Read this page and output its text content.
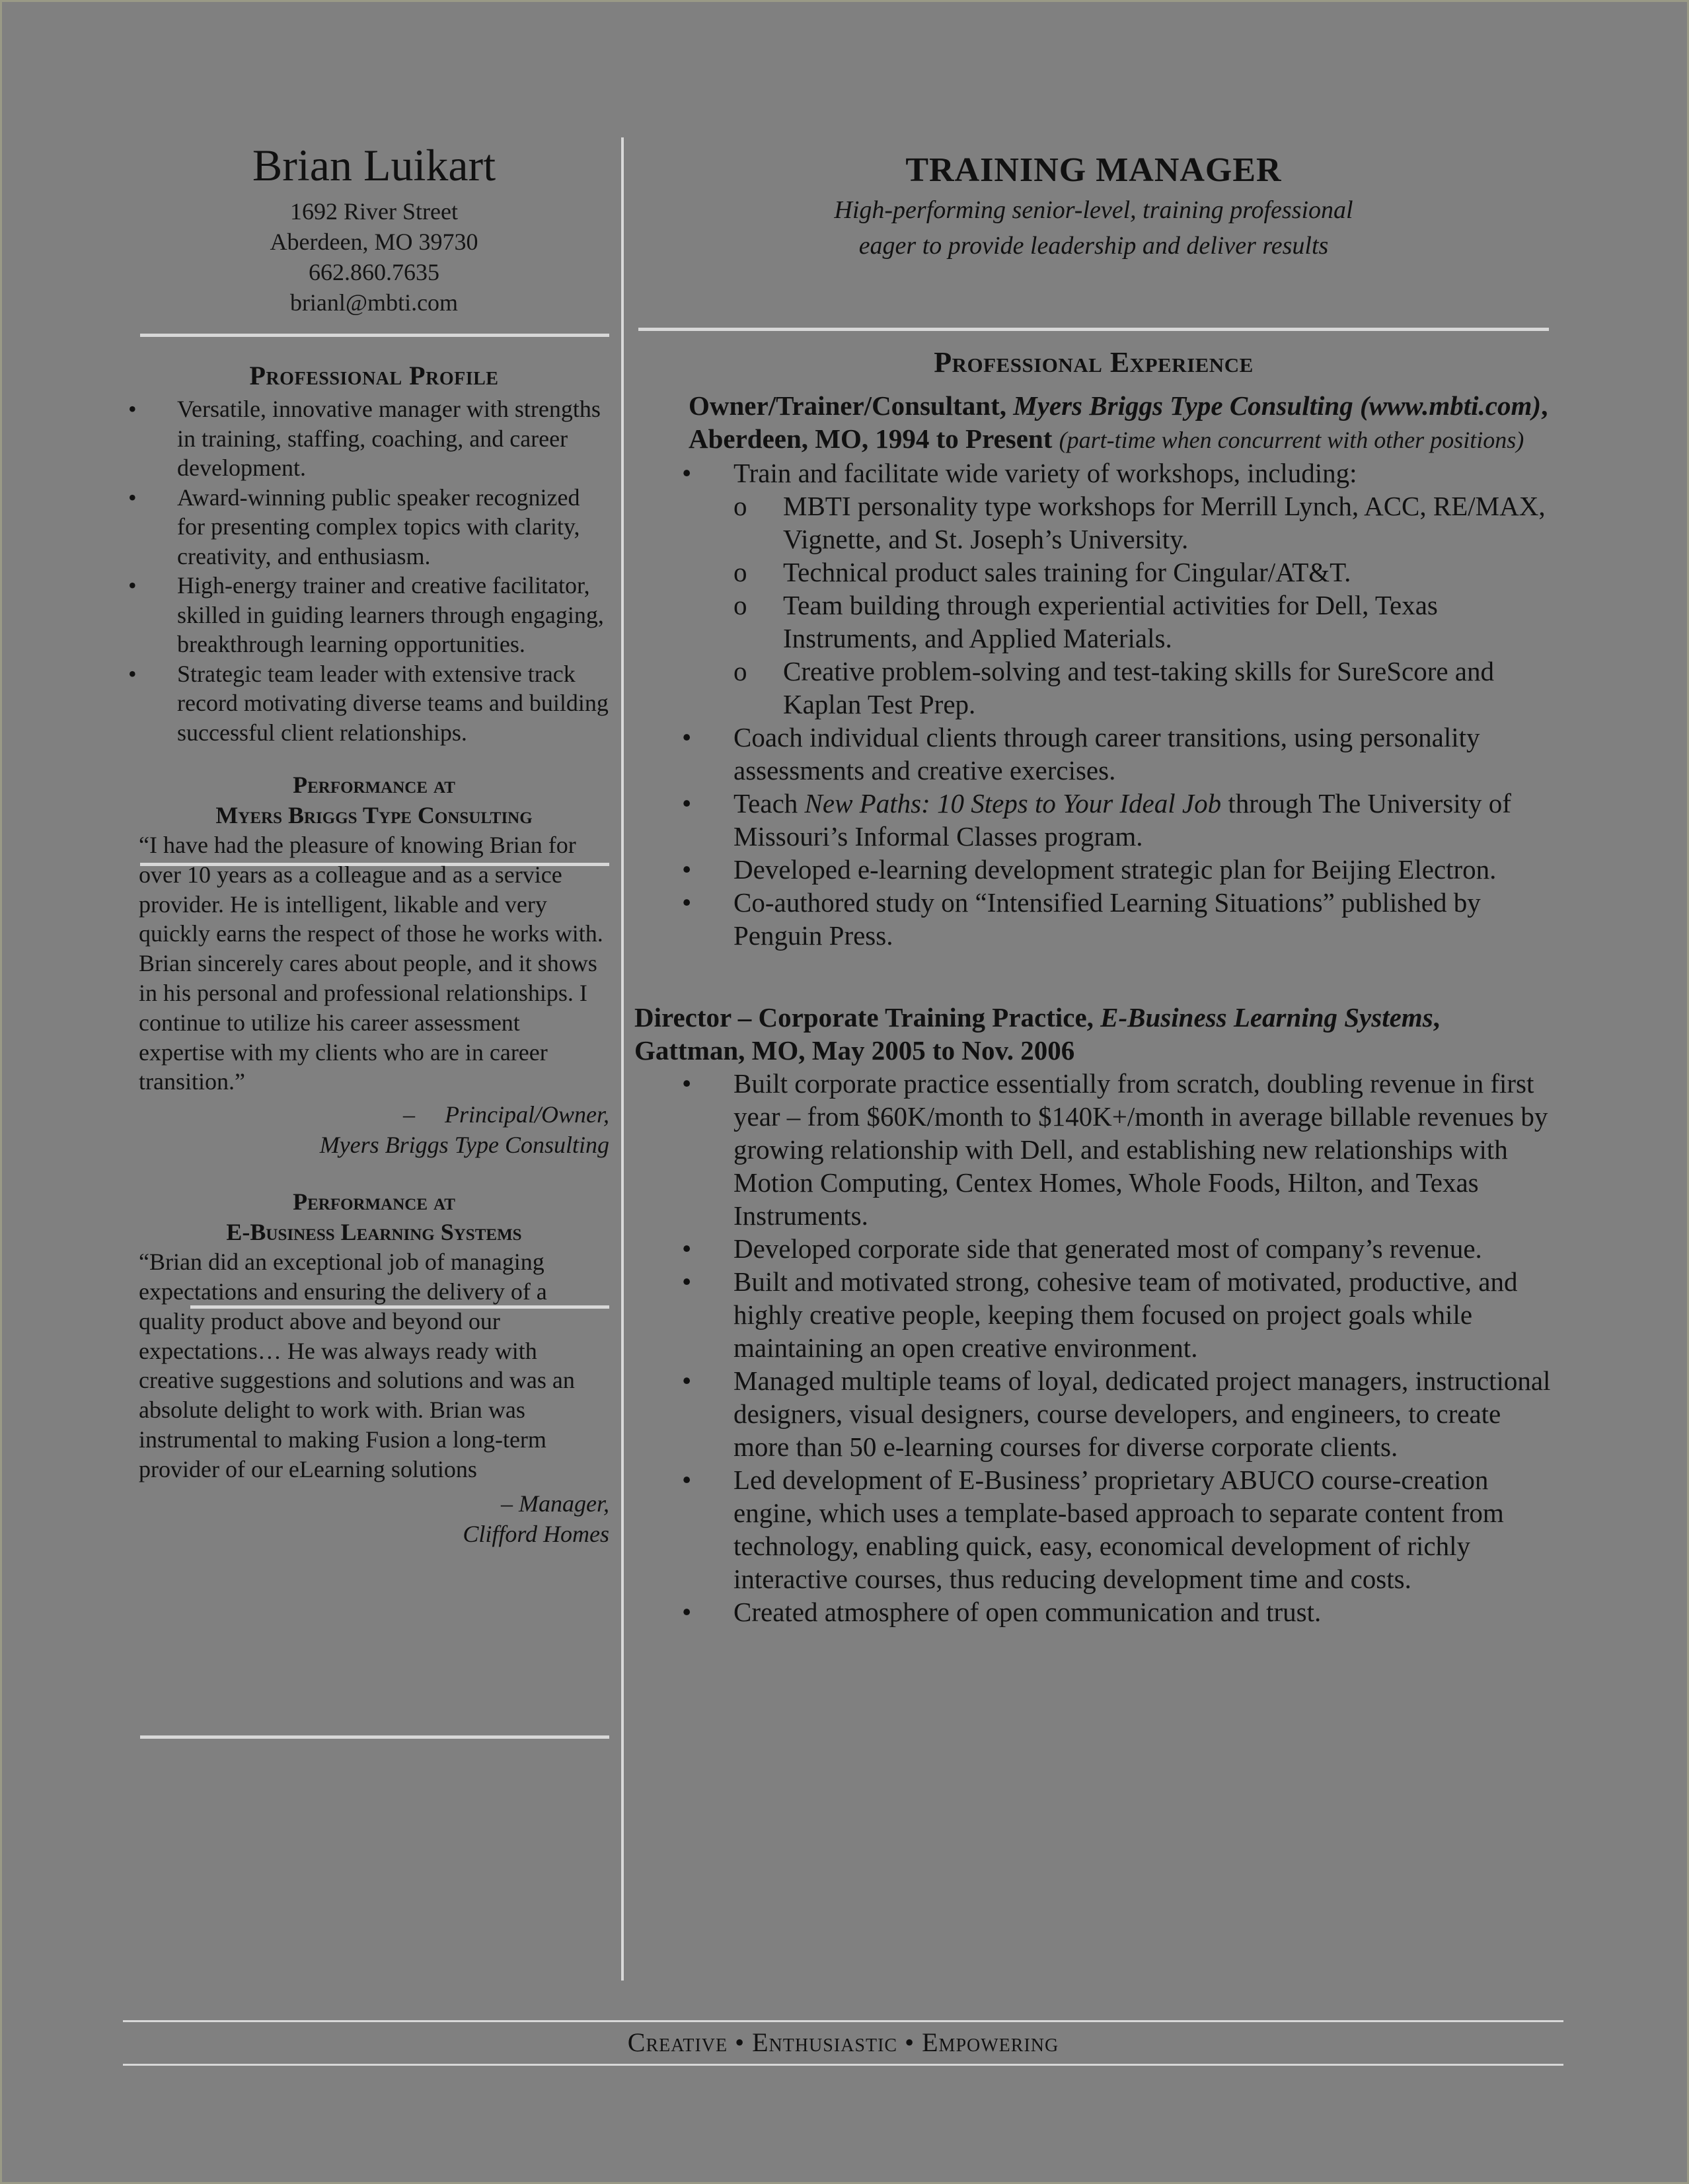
Brian Luikart
1692 River Street
Aberdeen, MO 39730
662.860.7635
brianl@mbti.com
Professional Profile
• Versatile, innovative manager with strengths in training, staffing, coaching, and career development.
• Award-winning public speaker recognized for presenting complex topics with clarity, creativity, and enthusiasm.
• High-energy trainer and creative facilitator, skilled in guiding learners through engaging, breakthrough learning opportunities.
• Strategic team leader with extensive track record motivating diverse teams and building successful client relationships.
Performance at
Myers Briggs Type Consulting
“I have had the pleasure of knowing Brian for over 10 years as a colleague and as a service provider. He is intelligent, likable and very quickly earns the respect of those he works with. Brian sincerely cares about people, and it shows in his personal and professional relationships. I continue to utilize his career assessment expertise with my clients who are in career transition.”
–     Principal/Owner,
Myers Briggs Type Consulting
Performance at
E-Business Learning Systems
“Brian did an exceptional job of managing expectations and ensuring the delivery of a quality product above and beyond our expectations… He was always ready with creative suggestions and solutions and was an absolute delight to work with. Brian was instrumental to making Fusion a long-term provider of our eLearning solutions
– Manager,
Clifford Homes
TRAINING MANAGER
High-performing senior-level, training professional
eager to provide leadership and deliver results
Professional Experience
Owner/Trainer/Consultant, Myers Briggs Type Consulting (www.mbti.com), Aberdeen, MO, 1994 to Present (part-time when concurrent with other positions)
• Train and facilitate wide variety of workshops, including:
o MBTI personality type workshops for Merrill Lynch, ACC, RE/MAX, Vignette, and St. Joseph’s University.
o Technical product sales training for Cingular/AT&T.
o Team building through experiential activities for Dell, Texas Instruments, and Applied Materials.
o Creative problem-solving and test-taking skills for SureScore and Kaplan Test Prep.
• Coach individual clients through career transitions, using personality assessments and creative exercises.
• Teach New Paths: 10 Steps to Your Ideal Job through The University of Missouri’s Informal Classes program.
• Developed e-learning development strategic plan for Beijing Electron.
• Co-authored study on “Intensified Learning Situations” published by Penguin Press.
Director – Corporate Training Practice, E-Business Learning Systems, Gattman, MO, May 2005 to Nov. 2006
• Built corporate practice essentially from scratch, doubling revenue in first year – from $60K/month to $140K+/month in average billable revenues by growing relationship with Dell, and establishing new relationships with Motion Computing, Centex Homes, Whole Foods, Hilton, and Texas Instruments.
• Developed corporate side that generated most of company’s revenue.
• Built and motivated strong, cohesive team of motivated, productive, and highly creative people, keeping them focused on project goals while maintaining an open creative environment.
• Managed multiple teams of loyal, dedicated project managers, instructional designers, visual designers, course developers, and engineers, to create more than 50 e-learning courses for diverse corporate clients.
• Led development of E-Business’ proprietary ABUCO course-creation engine, which uses a template-based approach to separate content from technology, enabling quick, easy, economical development of richly interactive courses, thus reducing development time and costs.
• Created atmosphere of open communication and trust.
Creative • Enthusiastic • Empowering
